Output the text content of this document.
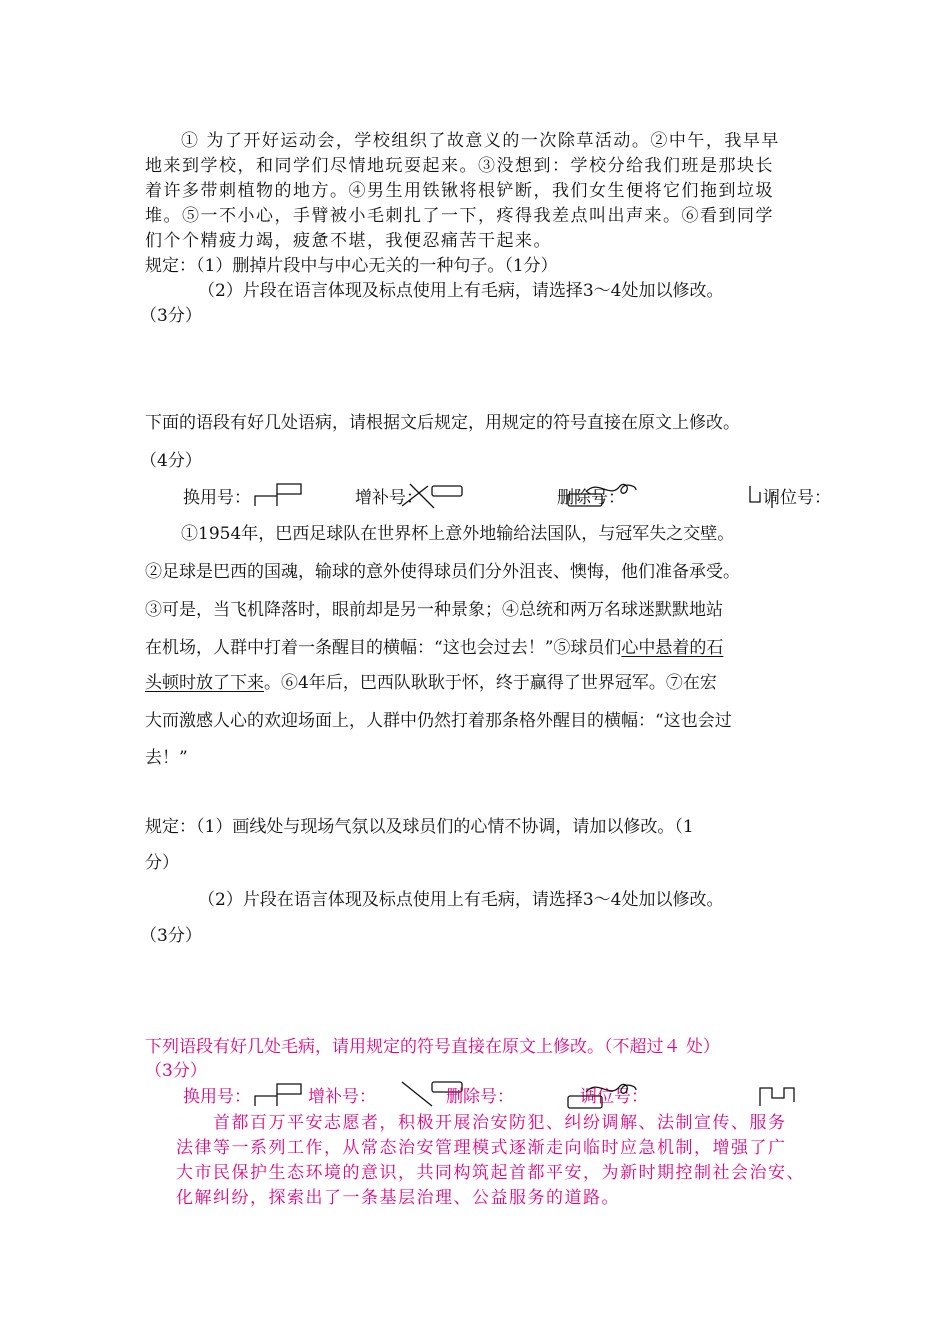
① 为了开好运动会，学校组织了故意义的一次除草活动。②中午，我早早
地来到学校，和同学们尽情地玩耍起来。③没想到：学校分给我们班是那块长
着许多带刺植物的地方。④男生用铁锹将根铲断，我们女生便将它们拖到垃圾
堆。⑤一不小心，手臂被小毛刺扎了一下，疼得我差点叫出声来。⑥看到同学
们个个精疲力竭，疲惫不堪，我便忍痛苦干起来。
规定：（1）删掉片段中与中心无关的一种句子。（1分）
（2）片段在语言体现及标点使用上有毛病，请选择3～4处加以修改。
（3分）
下面的语段有好几处语病，请根据文后规定，用规定的符号直接在原文上修改。
（4分）
换用号：	增补号：	删除号：	调位号：
①1954年，巴西足球队在世界杯上意外地输给法国队，与冠军失之交壁。
②足球是巴西的国魂，输球的意外使得球员们分外沮丧、懊悔，他们准备承受。
③可是，当飞机降落时，眼前却是另一种景象；④总统和两万名球迷默默地站
在机场，人群中打着一条醒目的横幅：“这也会过去！”⑤球员们心中悬着的石
头顿时放了下来。⑥4年后，巴西队耿耿于怀，终于赢得了世界冠军。⑦在宏
大而激感人心的欢迎场面上，人群中仍然打着那条格外醒目的横幅：“这也会过
去！”
规定：（1）画线处与现场气氛以及球员们的心情不协调，请加以修改。（1
分）
（2）片段在语言体现及标点使用上有毛病，请选择3～4处加以修改。
（3分）
下列语段有好几处毛病，请用规定的符号直接在原文上修改。（不超过４ 处）
（3分）
换用号：	增补号：	删除号：	调位号：
首都百万平安志愿者，积极开展治安防犯、纠纷调解、法制宣传、服务
法律等一系列工作，从常态治安管理模式逐渐走向临时应急机制，增强了广
大市民保护生态环境的意识，共同构筑起首都平安，为新时期控制社会治安、
化解纠纷，探索出了一条基层治理、公益服务的道路。
